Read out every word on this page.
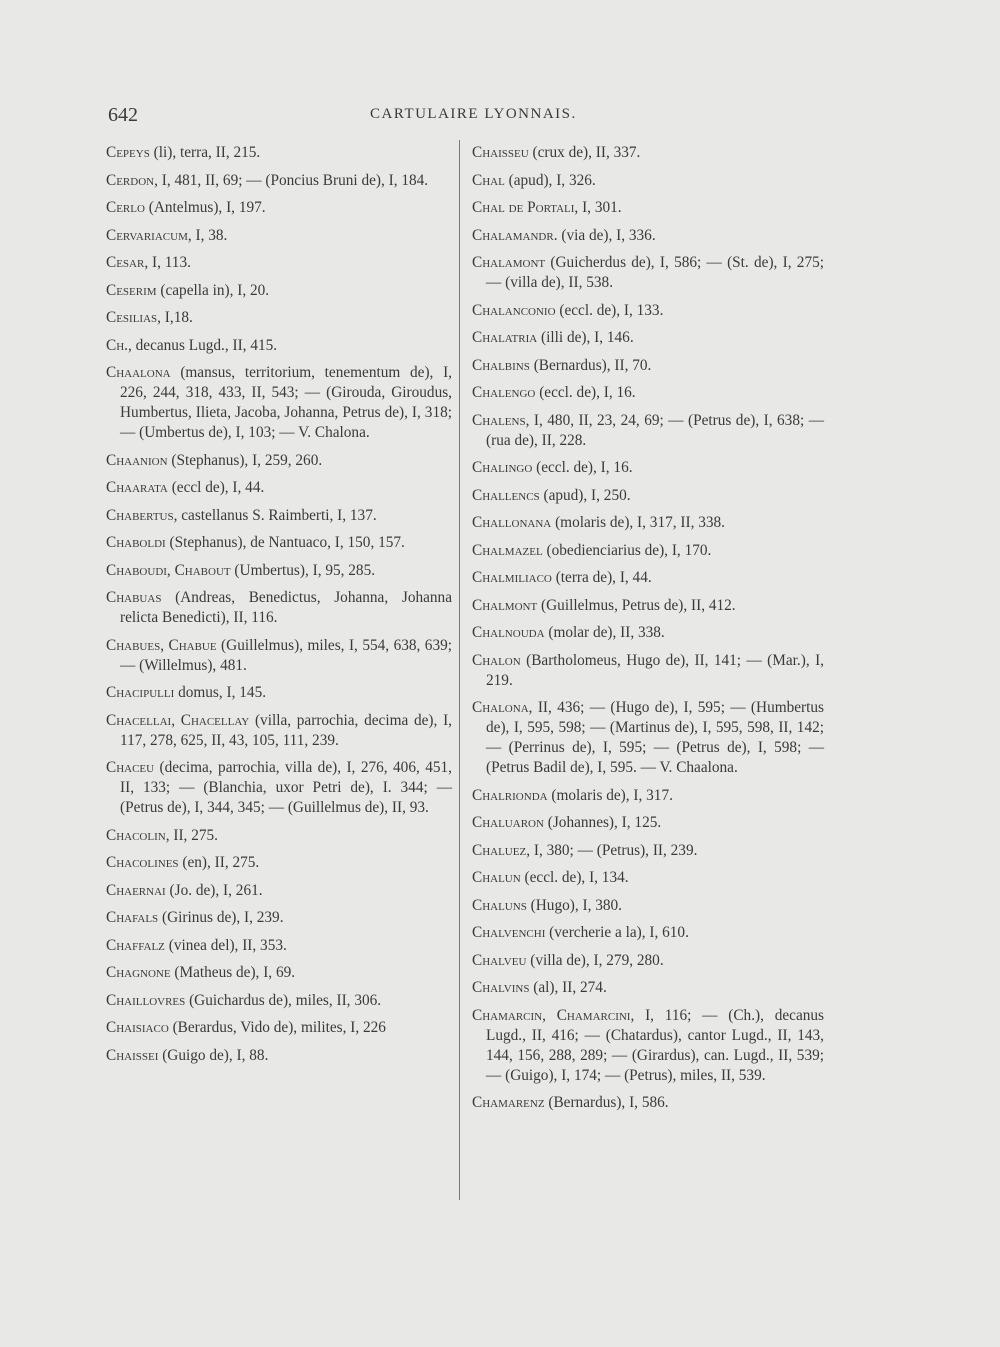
642	CARTULAIRE LYONNAIS.

Cepeys (li), terra, II, 215.

Cerdon, I, 481, II, 69; — (Poncius Bruni de), I, 184.

Cerlo (Antelmus), I, 197.

Cervariacum, I, 38.

Cesar, I, 113.

Ceserim (capella in), I, 20.

Cesilias, I,18.

Ch., decanus Lugd., II, 415.

Chaalona (mansus, territorium, tenementum de), I, 226, 244, 318, 433, II, 543; — (Girouda, Giroudus, Humbertus, Ilieta, Jacoba, Johanna, Petrus de), I, 318; — (Umbertus de), I, 103; — V. Chalona.

Chaanion (Stephanus), I, 259, 260.

Chaarata (eccl de), I, 44.

Chabertus, castellanus S. Raimberti, I, 137.

Chaboldi (Stephanus), de Nantuaco, I, 150, 157.

Chaboudi, Chabout (Umbertus), I, 95, 285.

Chabuas (Andreas, Benedictus, Johanna, Johanna relicta Benedicti), II, 116.

Chabues, Chabue (Guillelmus), miles, I, 554, 638, 639; — (Willelmus), 481.

Chacipulli domus, I, 145.

Chacellai, Chacellay (villa, parrochia, decima de), I, 117, 278, 625, II, 43, 105, 111, 239.

Chaceu (decima, parrochia, villa de), I, 276, 406, 451, II, 133; — (Blanchia, uxor Petri de), I. 344; — (Petrus de), I, 344, 345; — (Guillelmus de), II, 93.

Chacolin, II, 275.

Chacolines (en), II, 275.

Chaernai (Jo. de), I, 261.

Chafals (Girinus de), I, 239.

Chaffalz (vinea del), II, 353.

Chagnone (Matheus de), I, 69.

Chaillovres (Guichardus de), miles, II, 306.

Chaisiaco (Berardus, Vido de), milites, I, 226

Chaissei (Guigo de), I, 88.

Chaisseu (crux de), II, 337.

Chal (apud), I, 326.

Chal de Portali, I, 301.

Chalamandr. (via de), I, 336.

Chalamont (Guicherdus de), I, 586; — (St. de), I, 275; — (villa de), II, 538.

Chalanconio (eccl. de), I, 133.

Chalatria (illi de), I, 146.

Chalbins (Bernardus), II, 70.

Chalengo (eccl. de), I, 16.

Chalens, I, 480, II, 23, 24, 69; — (Petrus de), I, 638; — (rua de), II, 228.

Chalingo (eccl. de), I, 16.

Challencs (apud), I, 250.

Challonana (molaris de), I, 317, II, 338.

Chalmazel (obedienciarius de), I, 170.

Chalmiliaco (terra de), I, 44.

Chalmont (Guillelmus, Petrus de), II, 412.

Chalnouda (molar de), II, 338.

Chalon (Bartholomeus, Hugo de), II, 141; — (Mar.), I, 219.

Chalona, II, 436; — (Hugo de), I, 595; — (Humbertus de), I, 595, 598; — (Martinus de), I, 595, 598, II, 142; — (Perrinus de), I, 595; — (Petrus de), I, 598; — (Petrus Badil de), I, 595. — V. Chaalona.

Chalrionda (molaris de), I, 317.

Chaluaron (Johannes), I, 125.

Chaluez, I, 380; — (Petrus), II, 239.

Chalun (eccl. de), I, 134.

Chaluns (Hugo), I, 380.

Chalvenchi (vercherie a la), I, 610.

Chalveu (villa de), I, 279, 280.

Chalvins (al), II, 274.

Chamarcin, Chamarcini, I, 116; — (Ch.), decanus Lugd., II, 416; — (Chatardus), cantor Lugd., II, 143, 144, 156, 288, 289; — (Girardus), can. Lugd., II, 539; — (Guigo), I, 174; — (Petrus), miles, II, 539.

Chamarenz (Bernardus), I, 586.
